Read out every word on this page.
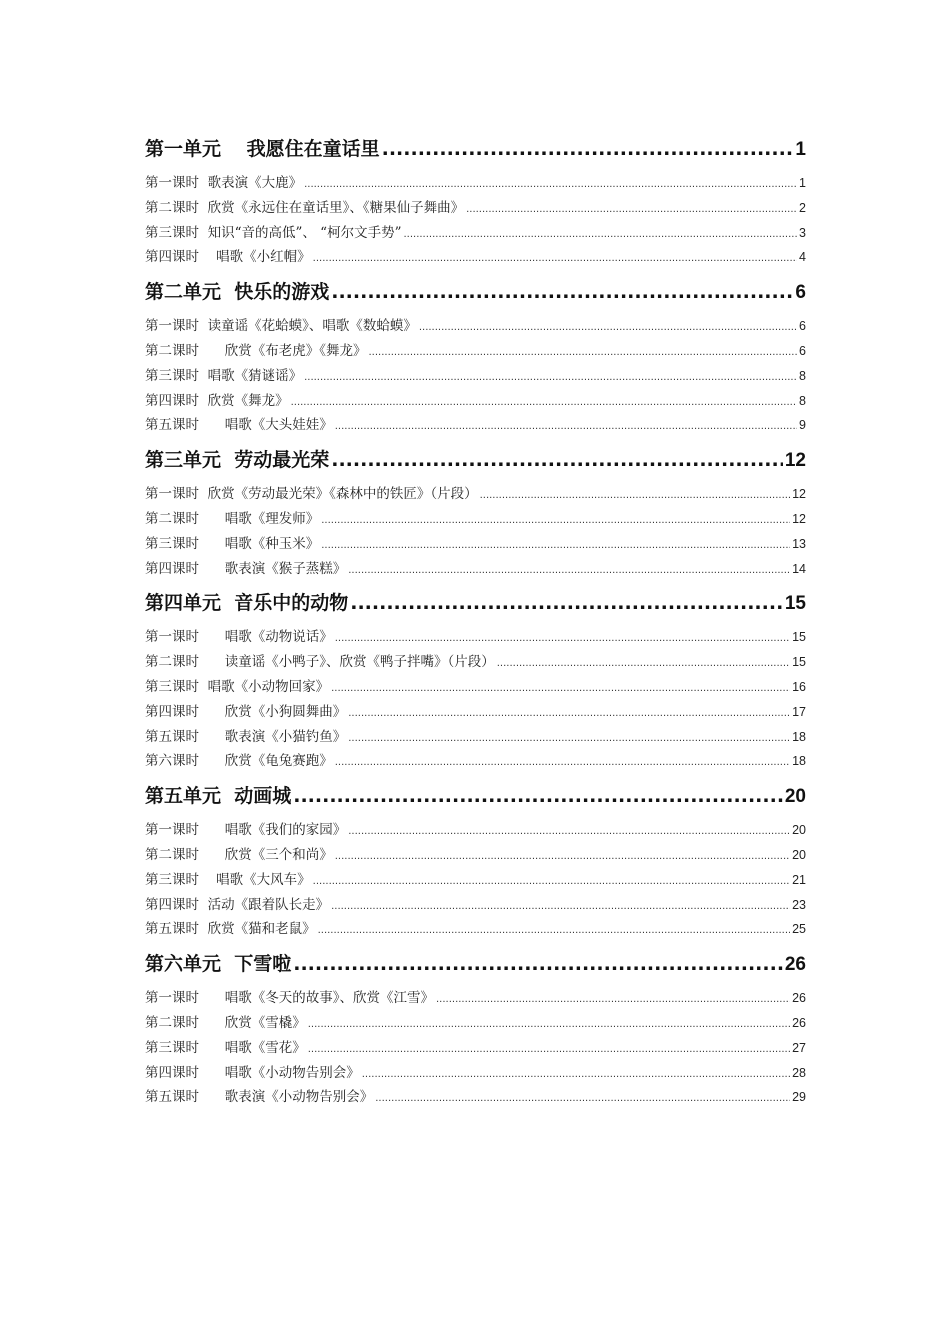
第一单元　 我愿住在童话里 .....	1
第一课时  歌表演《大鹿》 .....	1
第二课时  欣赏《永远住在童话里》、《糖果仙子舞曲》 .....	2
第三课时  知识“音的高低”、 “柯尔文手势” .....	3
第四课时    唱歌《小红帽》 .....	4
第二单元  快乐的游戏 .....	6
第一课时  读童谣《花蛤蟆》、唱歌《数蛤蟆》 .....	6
第二课时      欣赏《布老虎》《舞龙》 .....	6
第三课时  唱歌《猜谜谣》 .....	8
第四课时  欣赏《舞龙》 .....	8
第五课时      唱歌《大头娃娃》 .....	9
第三单元  劳动最光荣 .....	12
第一课时  欣赏《劳动最光荣》《森林中的铁匠》（片段） .....	12
第二课时      唱歌《理发师》 .....	12
第三课时      唱歌《种玉米》 .....	13
第四课时      歌表演《猴子蒸糕》 .....	14
第四单元  音乐中的动物 .....	15
第一课时      唱歌《动物说话》 .....	15
第二课时      读童谣《小鸭子》、欣赏《鸭子拌嘴》（片段） .....	15
第三课时  唱歌《小动物回家》 .....	16
第四课时      欣赏《小狗圆舞曲》 .....	17
第五课时      歌表演《小猫钓鱼》 .....	18
第六课时      欣赏《龟兔赛跑》 .....	18
第五单元  动画城 .....	20
第一课时      唱歌《我们的家园》 .....	20
第二课时      欣赏《三个和尚》 .....	20
第三课时    唱歌《大风车》 .....	21
第四课时  活动《跟着队长走》 .....	23
第五课时  欣赏《猫和老鼠》 .....	25
第六单元  下雪啦 .....	26
第一课时      唱歌《冬天的故事》、欣赏《江雪》 .....	26
第二课时      欣赏《雪橇》 .....	26
第三课时      唱歌《雪花》 .....	27
第四课时      唱歌《小动物告别会》 .....	28
第五课时      歌表演《小动物告别会》 .....	29
